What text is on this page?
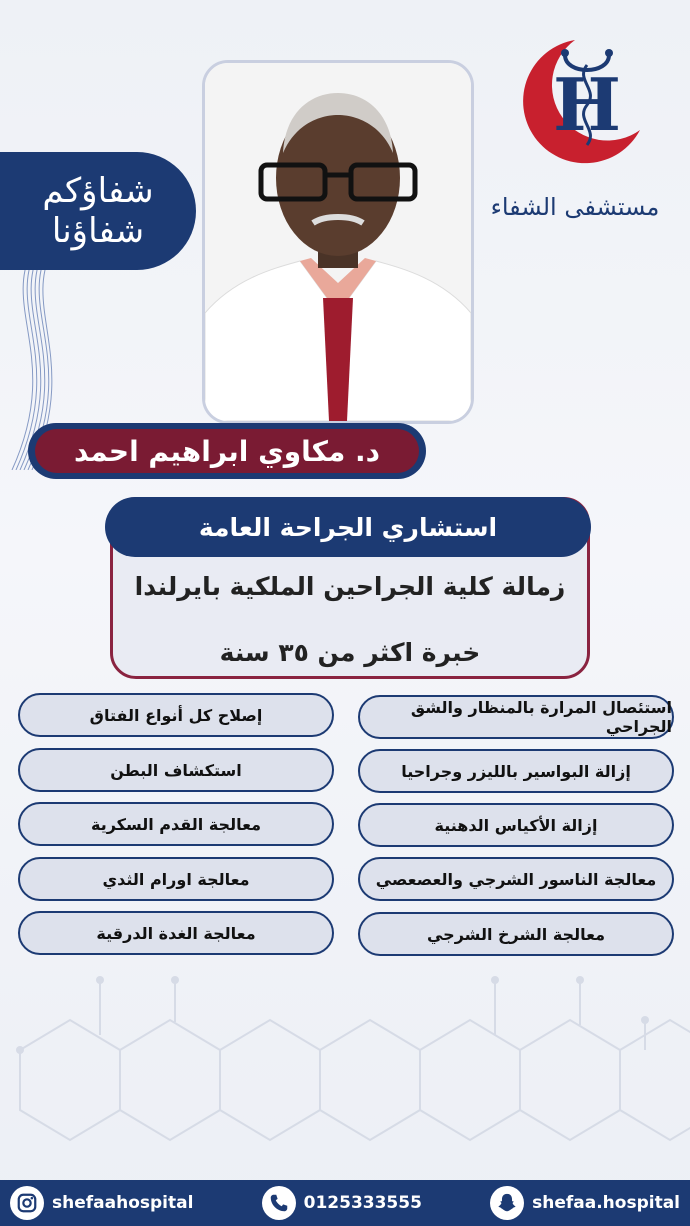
شفاؤكم
شفاؤنا
H
مستشفى الشفاء
د. مكاوي ابراهيم احمد
استشاري الجراحة العامة
زمالة كلية الجراحين الملكية بايرلندا
خبرة اكثر من ٣٥ سنة
استئصال المرارة بالمنظار والشق الجراحي
إزالة البواسير بالليزر وجراحيا
إزالة الأكياس الدهنية
معالجة الناسور الشرجي والعصعصي
معالجة الشرخ الشرجي
إصلاح كل أنواع الفتاق
استكشاف البطن
معالجة القدم السكرية
معالجة اورام الثدي
معالجة الغدة الدرقية
shefaahospital	0125333555	shefaa.hospital
